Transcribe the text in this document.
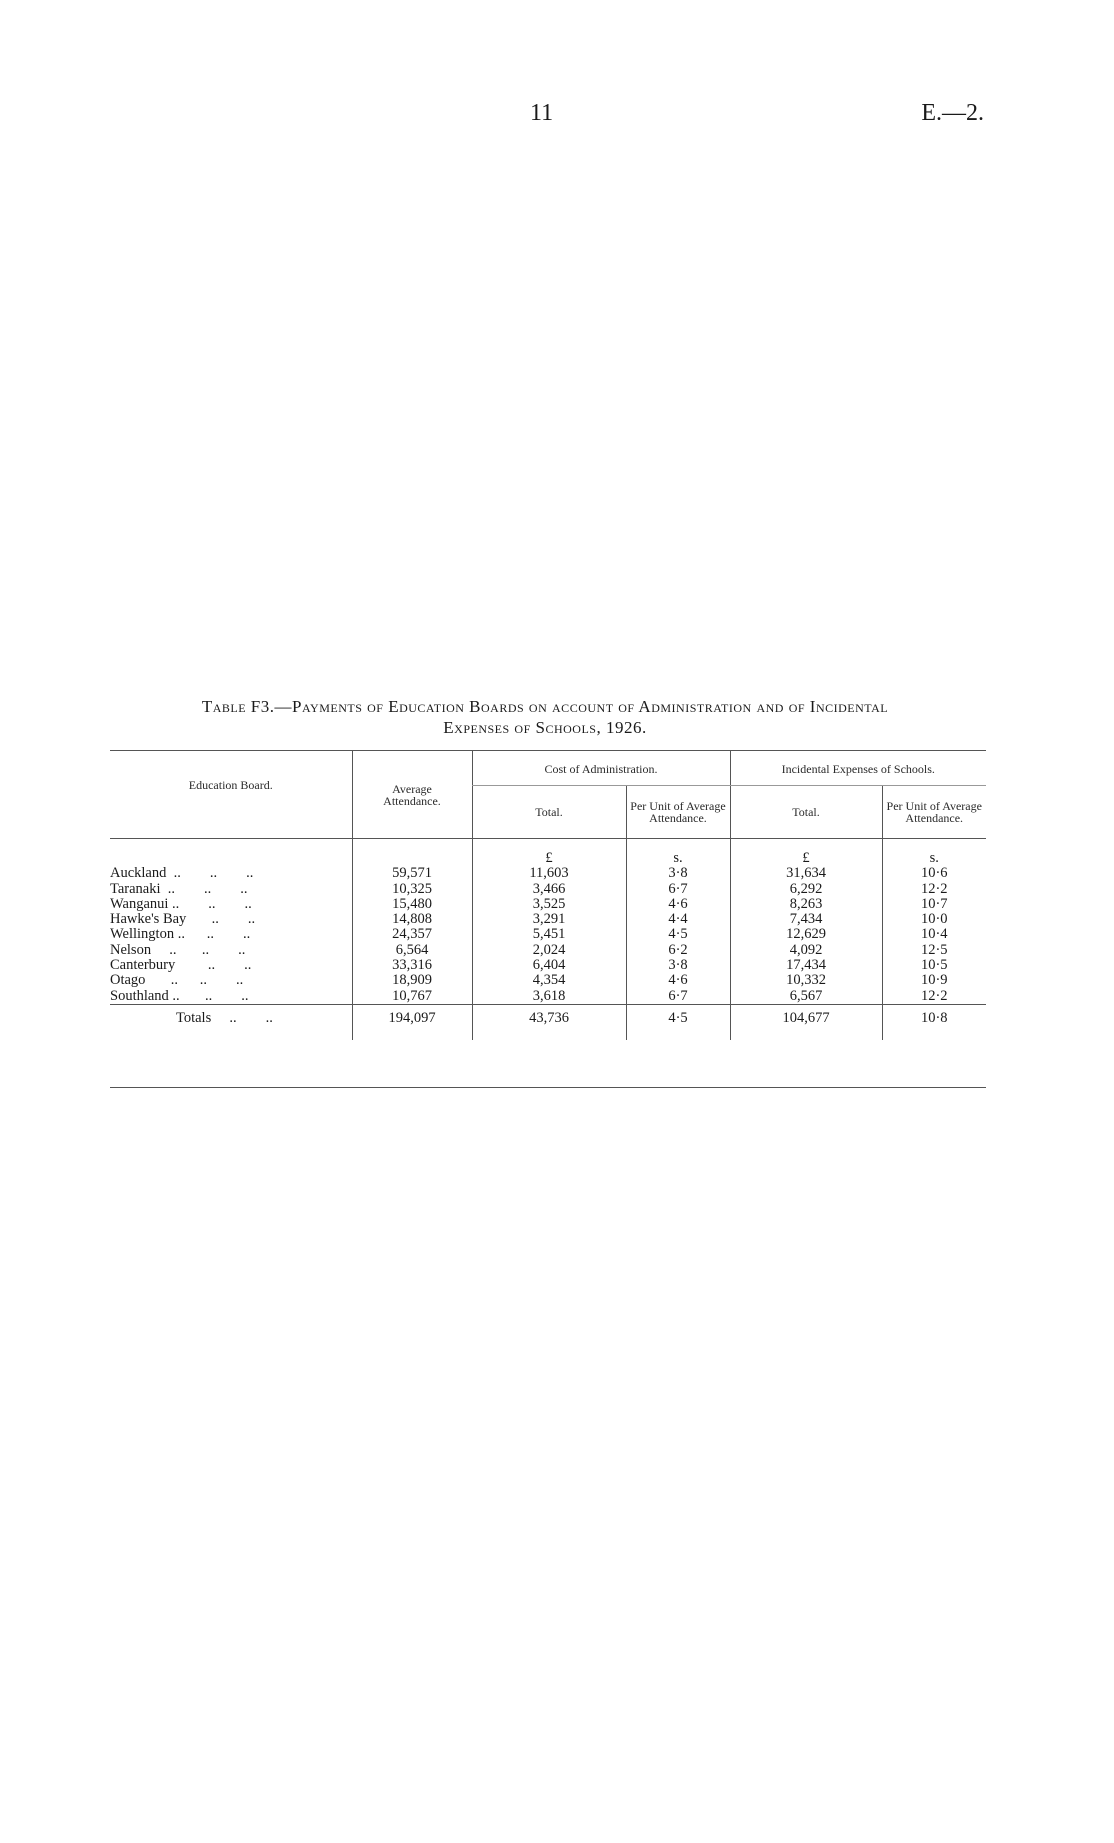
11	E.—2.
Table F3.—Payments of Education Boards on account of Administration and of Incidental
Expenses of Schools, 1926.
Education Board.	Average Attendance.	Cost of Administration.		Incidental Expenses of Schools.	
		Total.	Per Unit of Average Attendance.	Total.	Per Unit of Average Attendance.
		£	s.	£	s.
Auckland  ..        ..        ..	59,571	11,603	3·8	31,634	10·6
Taranaki  ..        ..        ..	10,325	3,466	6·7	6,292	12·2
Wanganui ..        ..        ..	15,480	3,525	4·6	8,263	10·7
Hawke's Bay       ..        ..	14,808	3,291	4·4	7,434	10·0
Wellington ..      ..        ..	24,357	5,451	4·5	12,629	10·4
Nelson     ..       ..        ..	6,564	2,024	6·2	4,092	12·5
Canterbury         ..        ..	33,316	6,404	3·8	17,434	10·5
Otago       ..      ..        ..	18,909	4,354	4·6	10,332	10·9
Southland ..       ..        ..	10,767	3,618	6·7	6,567	12·2
Totals     ..        ..	194,097	43,736	4·5	104,677	10·8
